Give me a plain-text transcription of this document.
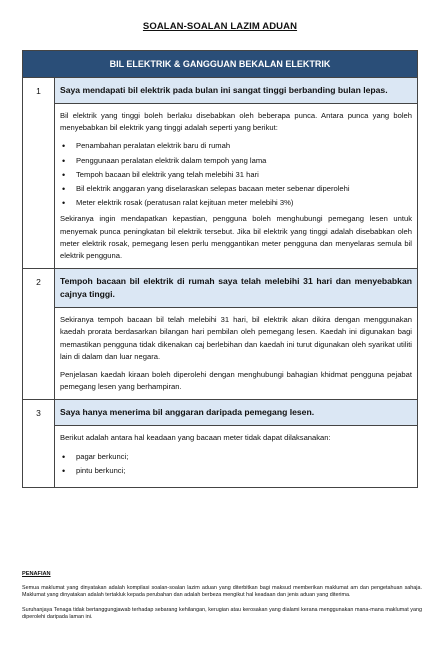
SOALAN-SOALAN LAZIM ADUAN
BIL ELEKTRIK & GANGGUAN BEKALAN ELEKTRIK
1	Saya mendapati bil elektrik pada bulan ini sangat tinggi berbanding bulan lepas.

Bil elektrik yang tinggi boleh berlaku disebabkan oleh beberapa punca. Antara punca yang boleh menyebabkan bil elektrik yang tinggi adalah seperti yang berikut:

• Penambahan peralatan elektrik baru di rumah
• Penggunaan peralatan elektrik dalam tempoh yang lama
• Tempoh bacaan bil elektrik yang telah melebihi 31 hari
• Bil elektrik anggaran yang diselaraskan selepas bacaan meter sebenar diperolehi
• Meter elektrik rosak (peratusan ralat kejituan meter melebihi 3%)

Sekiranya ingin mendapatkan kepastian, pengguna boleh menghubungi pemegang lesen untuk menyemak punca peningkatan bil elektrik tersebut. Jika bil elektrik yang tinggi adalah disebabkan oleh meter elektrik rosak, pemegang lesen perlu menggantikan meter pengguna dan menyelaras semula bil elektrik pengguna.

2	Tempoh bacaan bil elektrik di rumah saya telah melebihi 31 hari dan menyebabkan cajnya tinggi.

Sekiranya tempoh bacaan bil telah melebihi 31 hari, bil elektrik akan dikira dengan menggunakan kaedah prorata berdasarkan bilangan hari pembilan oleh pemegang lesen. Kaedah ini digunakan bagi memastikan pengguna tidak dikenakan caj berlebihan dan kaedah ini turut digunakan oleh syarikat utiliti lain di dalam dan luar negara.

Penjelasan kaedah kiraan boleh diperolehi dengan menghubungi bahagian khidmat pengguna pejabat pemegang lesen yang berhampiran.

3	Saya hanya menerima bil anggaran daripada pemegang lesen.

Berikut adalah antara hal keadaan yang bacaan meter tidak dapat dilaksanakan:

• pagar berkunci;
• pintu berkunci;
PENAFIAN

Semua maklumat yang dinyatakan adalah kompilasi soalan-soalan lazim aduan yang diterbitkan bagi maksud memberikan maklumat am dan pengetahuan sahaja. Maklumat yang dinyatakan adalah tertakluk kepada perubahan dan adalah berbeza mengikut hal keadaan dan jenis aduan yang diterima.

Suruhanjaya Tenaga tidak bertanggungjawab terhadap sebarang kehilangan, kerugian atau kerosakan yang dialami kerana menggunakan mana-mana maklumat yang diperolehi daripada laman ini.
